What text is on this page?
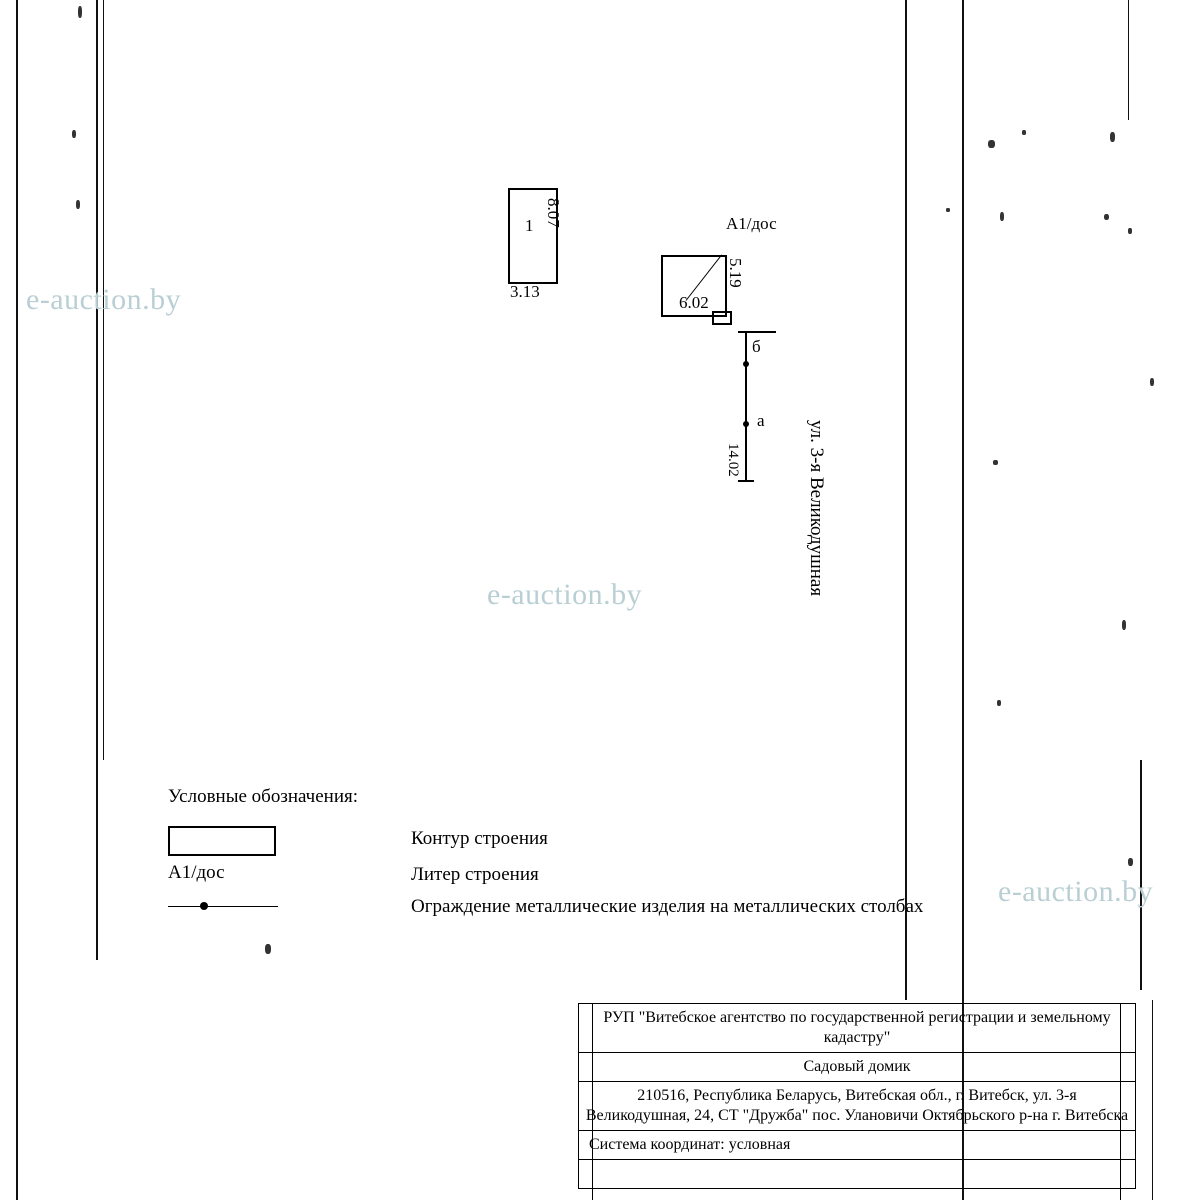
1 8.07
3.13
A1/дос
6.02
5.19
б
а
14.02	ул. 3-я Великодушная
Условные обозначения:
Контур строения
А1/дос	Литер строения
Ограждение металлические изделия на металлических столбах
РУП "Витебское агентство по государственной регистрации и земельному кадастру"
Садовый домик
210516, Республика Беларусь, Витебская обл., г. Витебск, ул. 3-я Великодушная, 24, СТ "Дружба" пос. Улановичи Октябрьского р-на г. Витебска
Система координат: условная

e-auction.by
e-auction.by
e-auction.by
